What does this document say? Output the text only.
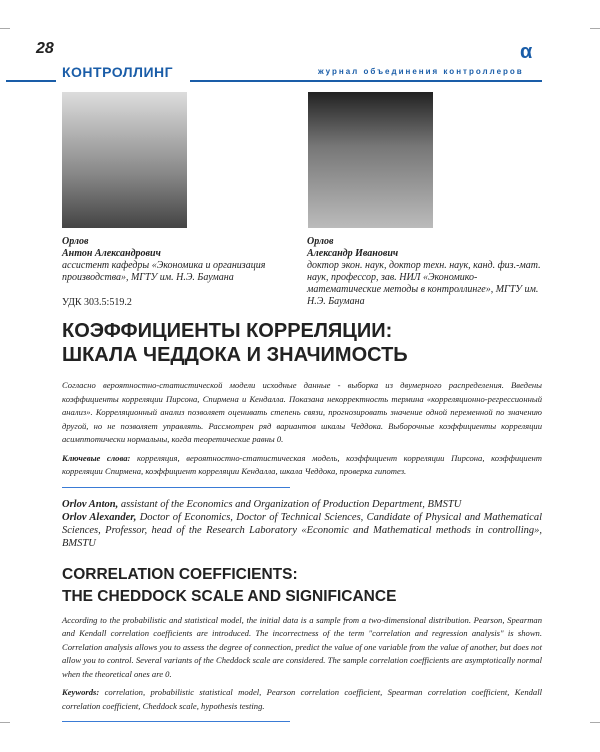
28	α
КОНТРОЛЛИНГ	журнал объединения контроллеров
Орлов
Антон Александрович
ассистент кафедры «Экономика и организация производства», МГТУ им. Н.Э. Баумана
УДК 303.5:519.2
Орлов
Александр Иванович
доктор экон. наук, доктор техн. наук, канд. физ.-мат. наук, профессор, зав. НИЛ «Экономико-математические методы в контроллинге», МГТУ им. Н.Э. Баумана
КОЭФФИЦИЕНТЫ КОРРЕЛЯЦИИ:
ШКАЛА ЧЕДДОКА И ЗНАЧИМОСТЬ
Согласно вероятностно-статистической модели исходные данные - выборка из двумерного распределения. Введены коэффициенты корреляции Пирсона, Спирмена и Кендалла. Показана некорректность термина «корреляционно-регрессионный анализ». Корреляционный анализ позволяет оценивать степень связи, прогнозировать значение одной переменной по значению другой, но не позволяет управлять. Рассмотрен ряд вариантов шкалы Чеддока. Выборочные коэффициенты корреляции асимптотически нормальны, когда теоретические равны 0.
Ключевые слова: корреляция, вероятностно-статистическая модель, коэффициент корреляции Пирсона, коэффициент корреляции Спирмена, коэффициент корреляции Кендалла, шкала Чеддока, проверка гипотез.
Orlov Anton, assistant of the Economics and Organization of Production Department, BMSTU
Orlov Alexander, Doctor of Economics, Doctor of Technical Sciences, Candidate of Physical and Mathematical Sciences, Professor, head of the Research Laboratory «Economic and Mathematical methods in controlling», BMSTU
CORRELATION COEFFICIENTS:
THE CHEDDOCK SCALE AND SIGNIFICANCE
According to the probabilistic and statistical model, the initial data is a sample from a two-dimensional distribution. Pearson, Spearman and Kendall correlation coefficients are introduced. The incorrectness of the term "correlation and regression analysis" is shown. Correlation analysis allows you to assess the degree of connection, predict the value of one variable from the value of another, but does not allow you to control. Several variants of the Cheddock scale are considered. The sample correlation coefficients are asymptotically normal when the theoretical ones are 0.
Keywords: correlation, probabilistic statistical model, Pearson correlation coefficient, Spearman correlation coefficient, Kendall correlation coefficient, Cheddock scale, hypothesis testing.
